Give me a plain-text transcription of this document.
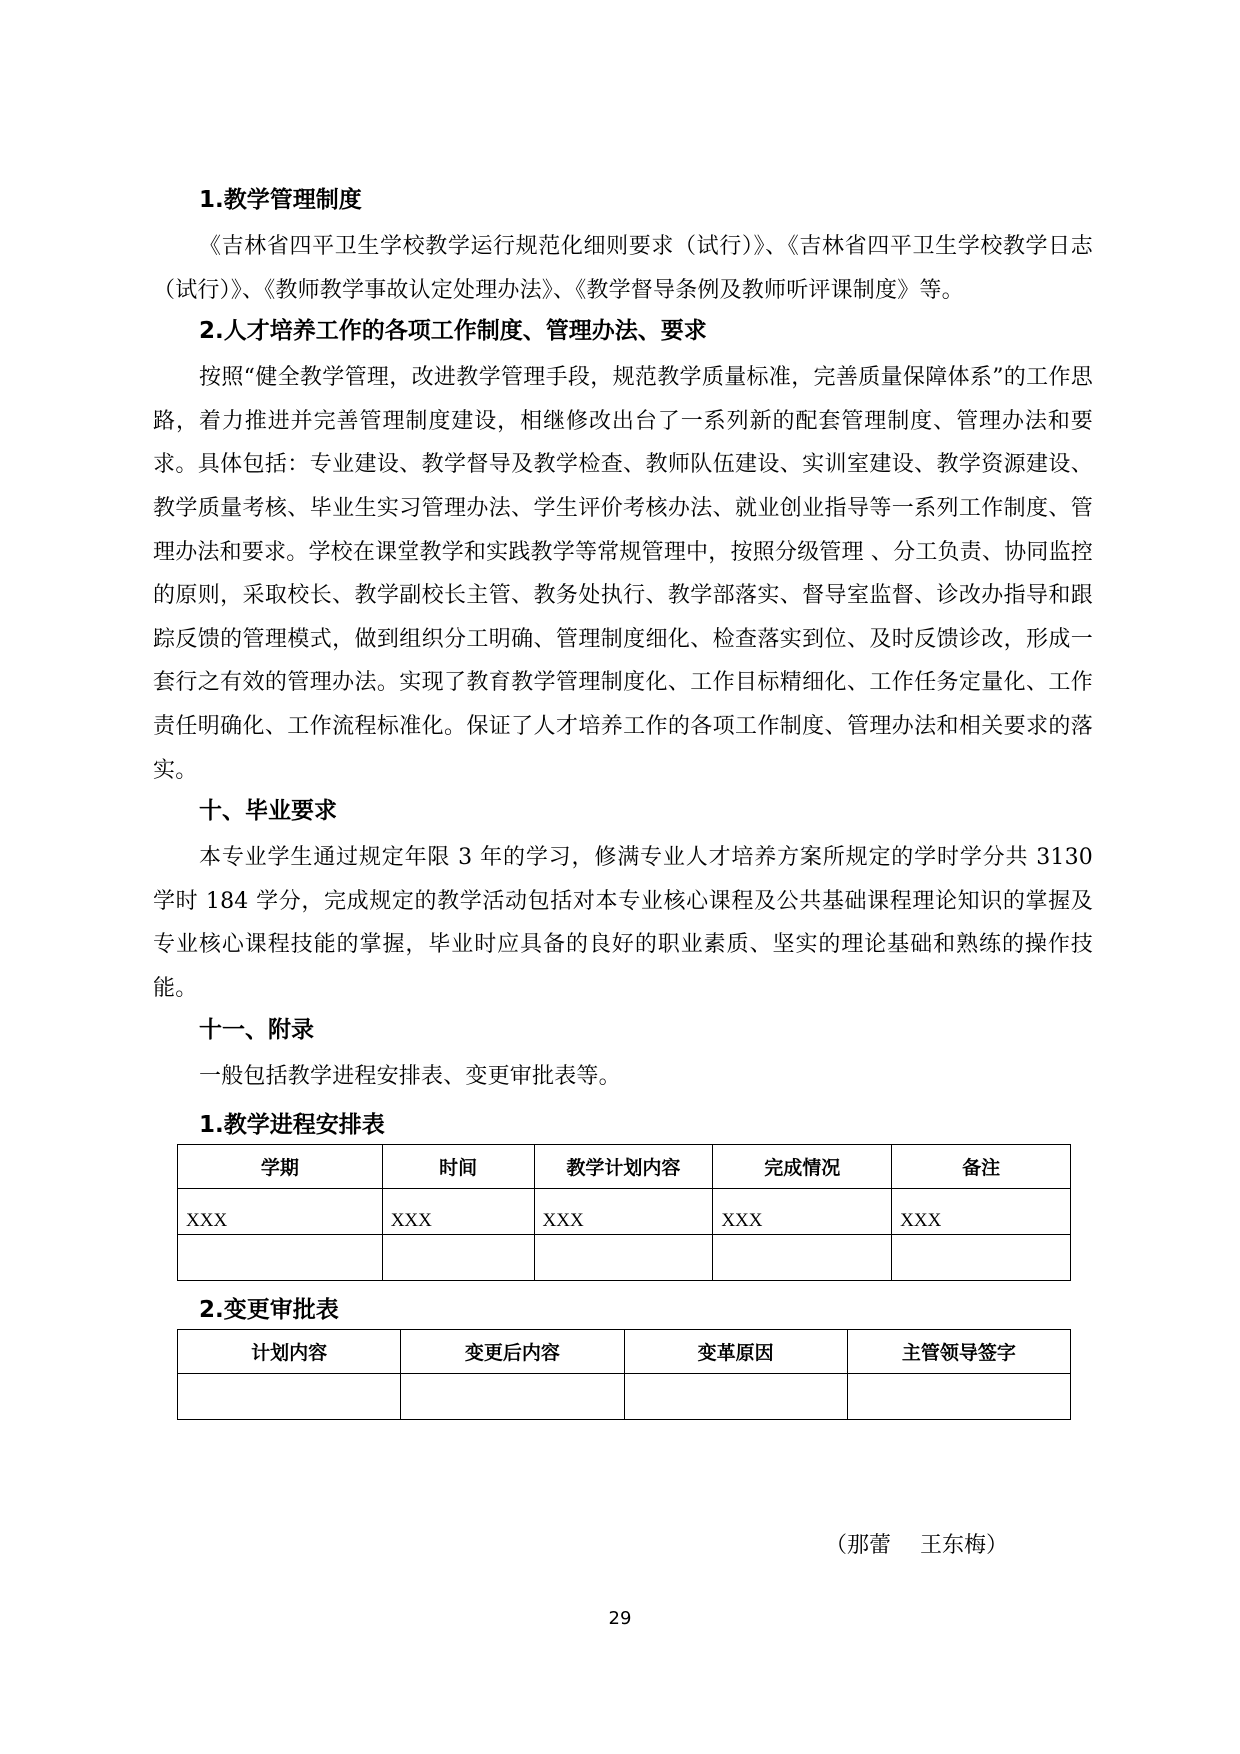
1.教学管理制度
《吉林省四平卫生学校教学运行规范化细则要求（试行）》、《吉林省四平卫生学校教学日志（试行）》、《教师教学事故认定处理办法》、《教学督导条例及教师听评课制度》等。
2.人才培养工作的各项工作制度、管理办法、要求
按照“健全教学管理，改进教学管理手段，规范教学质量标准，完善质量保障体系”的工作思路，着力推进并完善管理制度建设，相继修改出台了一系列新的配套管理制度、管理办法和要求。具体包括：专业建设、教学督导及教学检查、教师队伍建设、实训室建设、教学资源建设、教学质量考核、毕业生实习管理办法、学生评价考核办法、就业创业指导等一系列工作制度、管理办法和要求。学校在课堂教学和实践教学等常规管理中，按照分级管理 、分工负责、协同监控的原则，采取校长、教学副校长主管、教务处执行、教学部落实、督导室监督、诊改办指导和跟踪反馈的管理模式，做到组织分工明确、管理制度细化、检查落实到位、及时反馈诊改，形成一套行之有效的管理办法。实现了教育教学管理制度化、工作目标精细化、工作任务定量化、工作责任明确化、工作流程标准化。保证了人才培养工作的各项工作制度、管理办法和相关要求的落实。
十、毕业要求
本专业学生通过规定年限 3 年的学习，修满专业人才培养方案所规定的学时学分共 3130 学时 184 学分，完成规定的教学活动包括对本专业核心课程及公共基础课程理论知识的掌握及专业核心课程技能的掌握，毕业时应具备的良好的职业素质、坚实的理论基础和熟练的操作技能。
十一、附录
一般包括教学进程安排表、变更审批表等。
1.教学进程安排表
学期	时间	教学计划内容	完成情况	备注
XXX	XXX	XXX	XXX	XXX

2.变更审批表
计划内容	变更后内容	变革原因	主管领导签字

（那蕾　 王东梅）
29
